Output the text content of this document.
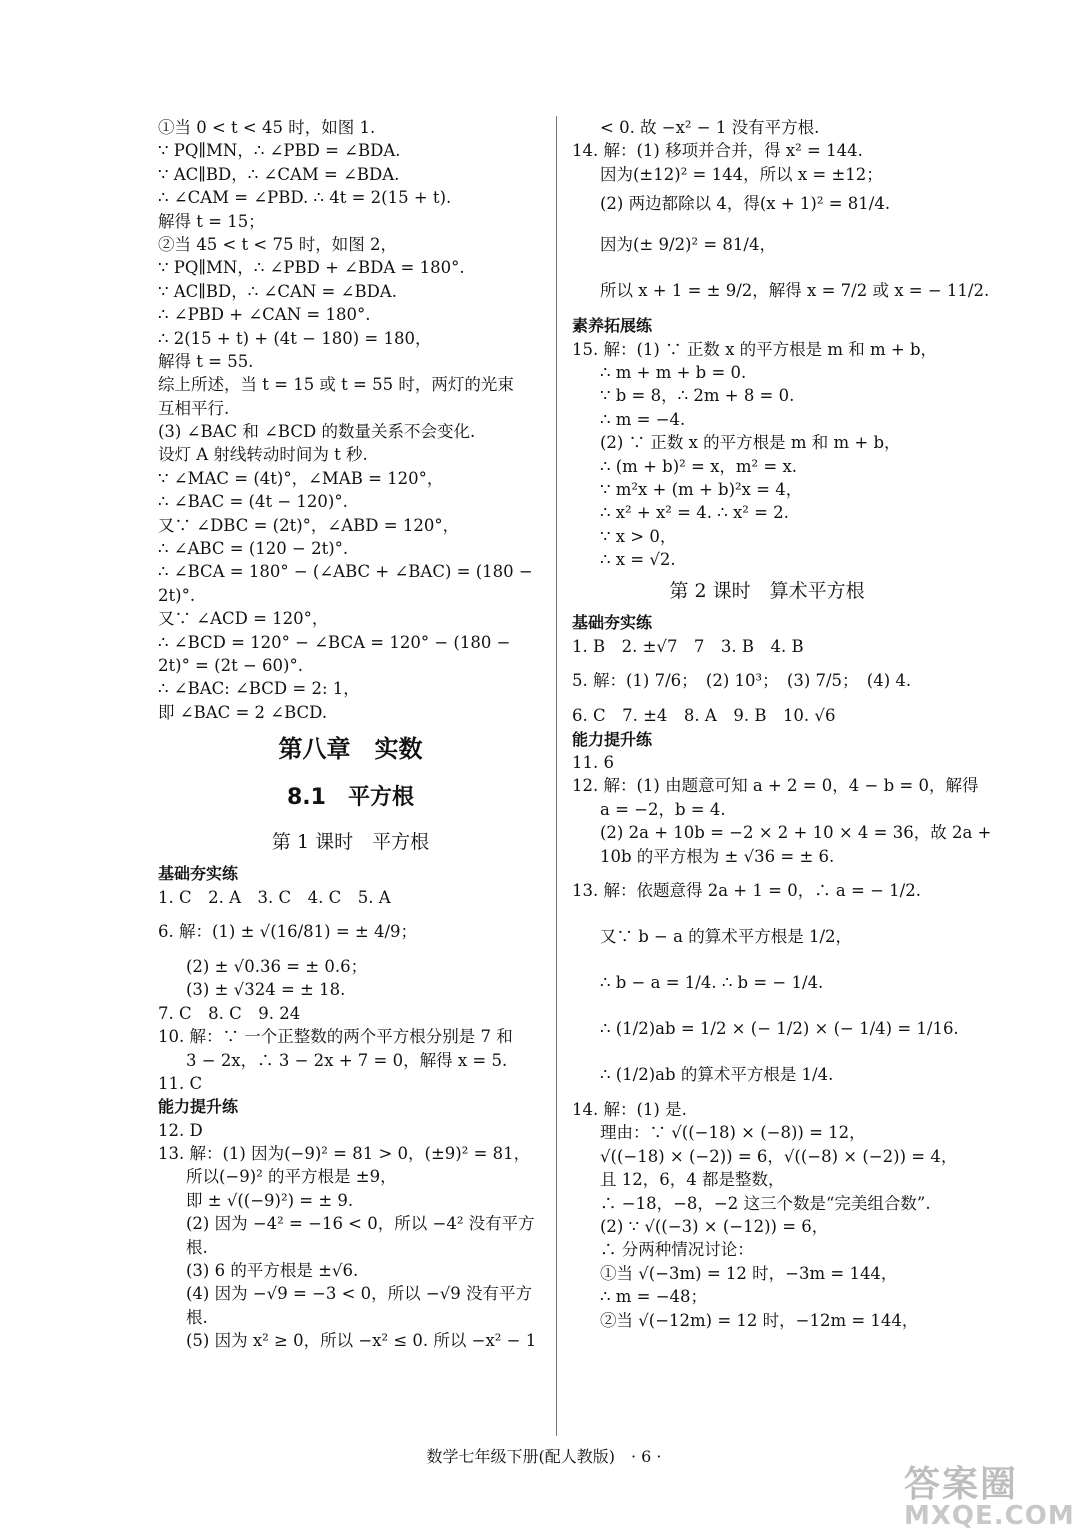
①当 0 < t < 45 时，如图 1.
∵ PQ∥MN，∴ ∠PBD = ∠BDA.
∵ AC∥BD，∴ ∠CAM = ∠BDA.
∴ ∠CAM = ∠PBD. ∴ 4t = 2(15 + t).
解得 t = 15；
②当 45 < t < 75 时，如图 2，
∵ PQ∥MN，∴ ∠PBD + ∠BDA = 180°.
∵ AC∥BD，∴ ∠CAN = ∠BDA.
∴ ∠PBD + ∠CAN = 180°.
∴ 2(15 + t) + (4t − 180) = 180，
解得 t = 55.
综上所述，当 t = 15 或 t = 55 时，两灯的光束
互相平行.
(3) ∠BAC 和 ∠BCD 的数量关系不会变化.
设灯 A 射线转动时间为 t 秒.
∵ ∠MAC = (4t)°，∠MAB = 120°，
∴ ∠BAC = (4t − 120)°.
又∵ ∠DBC = (2t)°，∠ABD = 120°，
∴ ∠ABC = (120 − 2t)°.
∴ ∠BCA = 180° − (∠ABC + ∠BAC) = (180 −
2t)°.
又∵ ∠ACD = 120°，
∴ ∠BCD = 120° − ∠BCA = 120° − (180 −
2t)° = (2t − 60)°.
∴ ∠BAC: ∠BCD = 2: 1，
即 ∠BAC = 2 ∠BCD.
第八章　实数
8.1　平方根
第 1 课时　平方根
基础夯实练
1. C　2. A　3. C　4. C　5. A
6. 解：(1) ± √(16/81) = ± 4/9；
(2) ± √0.36 = ± 0.6；
(3) ± √324 = ± 18.
7. C　8. C　9. 24
10. 解：∵ 一个正整数的两个平方根分别是 7 和
3 − 2x，∴ 3 − 2x + 7 = 0，解得 x = 5.
11. C
能力提升练
12. D
13. 解：(1) 因为(−9)² = 81 > 0，(±9)² = 81，
所以(−9)² 的平方根是 ±9，
即 ± √((−9)²) = ± 9.
(2) 因为 −4² = −16 < 0，所以 −4² 没有平方
根.
(3) 6 的平方根是 ±√6.
(4) 因为 −√9 = −3 < 0，所以 −√9 没有平方
根.
(5) 因为 x² ≥ 0，所以 −x² ≤ 0. 所以 −x² − 1
< 0. 故 −x² − 1 没有平方根.
14. 解：(1) 移项并合并，得 x² = 144.
因为(±12)² = 144，所以 x = ±12；
(2) 两边都除以 4，得(x + 1)² = 81/4.
因为(± 9/2)² = 81/4，
所以 x + 1 = ± 9/2，解得 x = 7/2 或 x = − 11/2.
素养拓展练
15. 解：(1) ∵ 正数 x 的平方根是 m 和 m + b，
∴ m + m + b = 0.
∵ b = 8，∴ 2m + 8 = 0.
∴ m = −4.
(2) ∵ 正数 x 的平方根是 m 和 m + b，
∴ (m + b)² = x，m² = x.
∵ m²x + (m + b)²x = 4，
∴ x² + x² = 4. ∴ x² = 2.
∵ x > 0，
∴ x = √2.
第 2 课时　算术平方根
基础夯实练
1. B　2. ±√7　7　3. B　4. B
5. 解：(1) 7/6；　(2) 10³；　(3) 7/5；　(4) 4.
6. C　7. ±4　8. A　9. B　10. √6
能力提升练
11. 6
12. 解：(1) 由题意可知 a + 2 = 0，4 − b = 0，解得
a = −2，b = 4.
(2) 2a + 10b = −2 × 2 + 10 × 4 = 36，故 2a +
10b 的平方根为 ± √36 = ± 6.
13. 解：依题意得 2a + 1 = 0，∴ a = − 1/2.
又∵ b − a 的算术平方根是 1/2，
∴ b − a = 1/4. ∴ b = − 1/4.
∴ (1/2)ab = 1/2 × (− 1/2) × (− 1/4) = 1/16.
∴ (1/2)ab 的算术平方根是 1/4.
14. 解：(1) 是.
理由：∵ √((−18) × (−8)) = 12，
√((−18) × (−2)) = 6，√((−8) × (−2)) = 4，
且 12，6，4 都是整数，
∴ −18，−8，−2 这三个数是“完美组合数”.
(2) ∵ √((−3) × (−12)) = 6，
∴ 分两种情况讨论：
①当 √(−3m) = 12 时，−3m = 144，
∴ m = −48；
②当 √(−12m) = 12 时，−12m = 144，
数学七年级下册(配人教版)　· 6 ·
答案圈
MXQE.COM
